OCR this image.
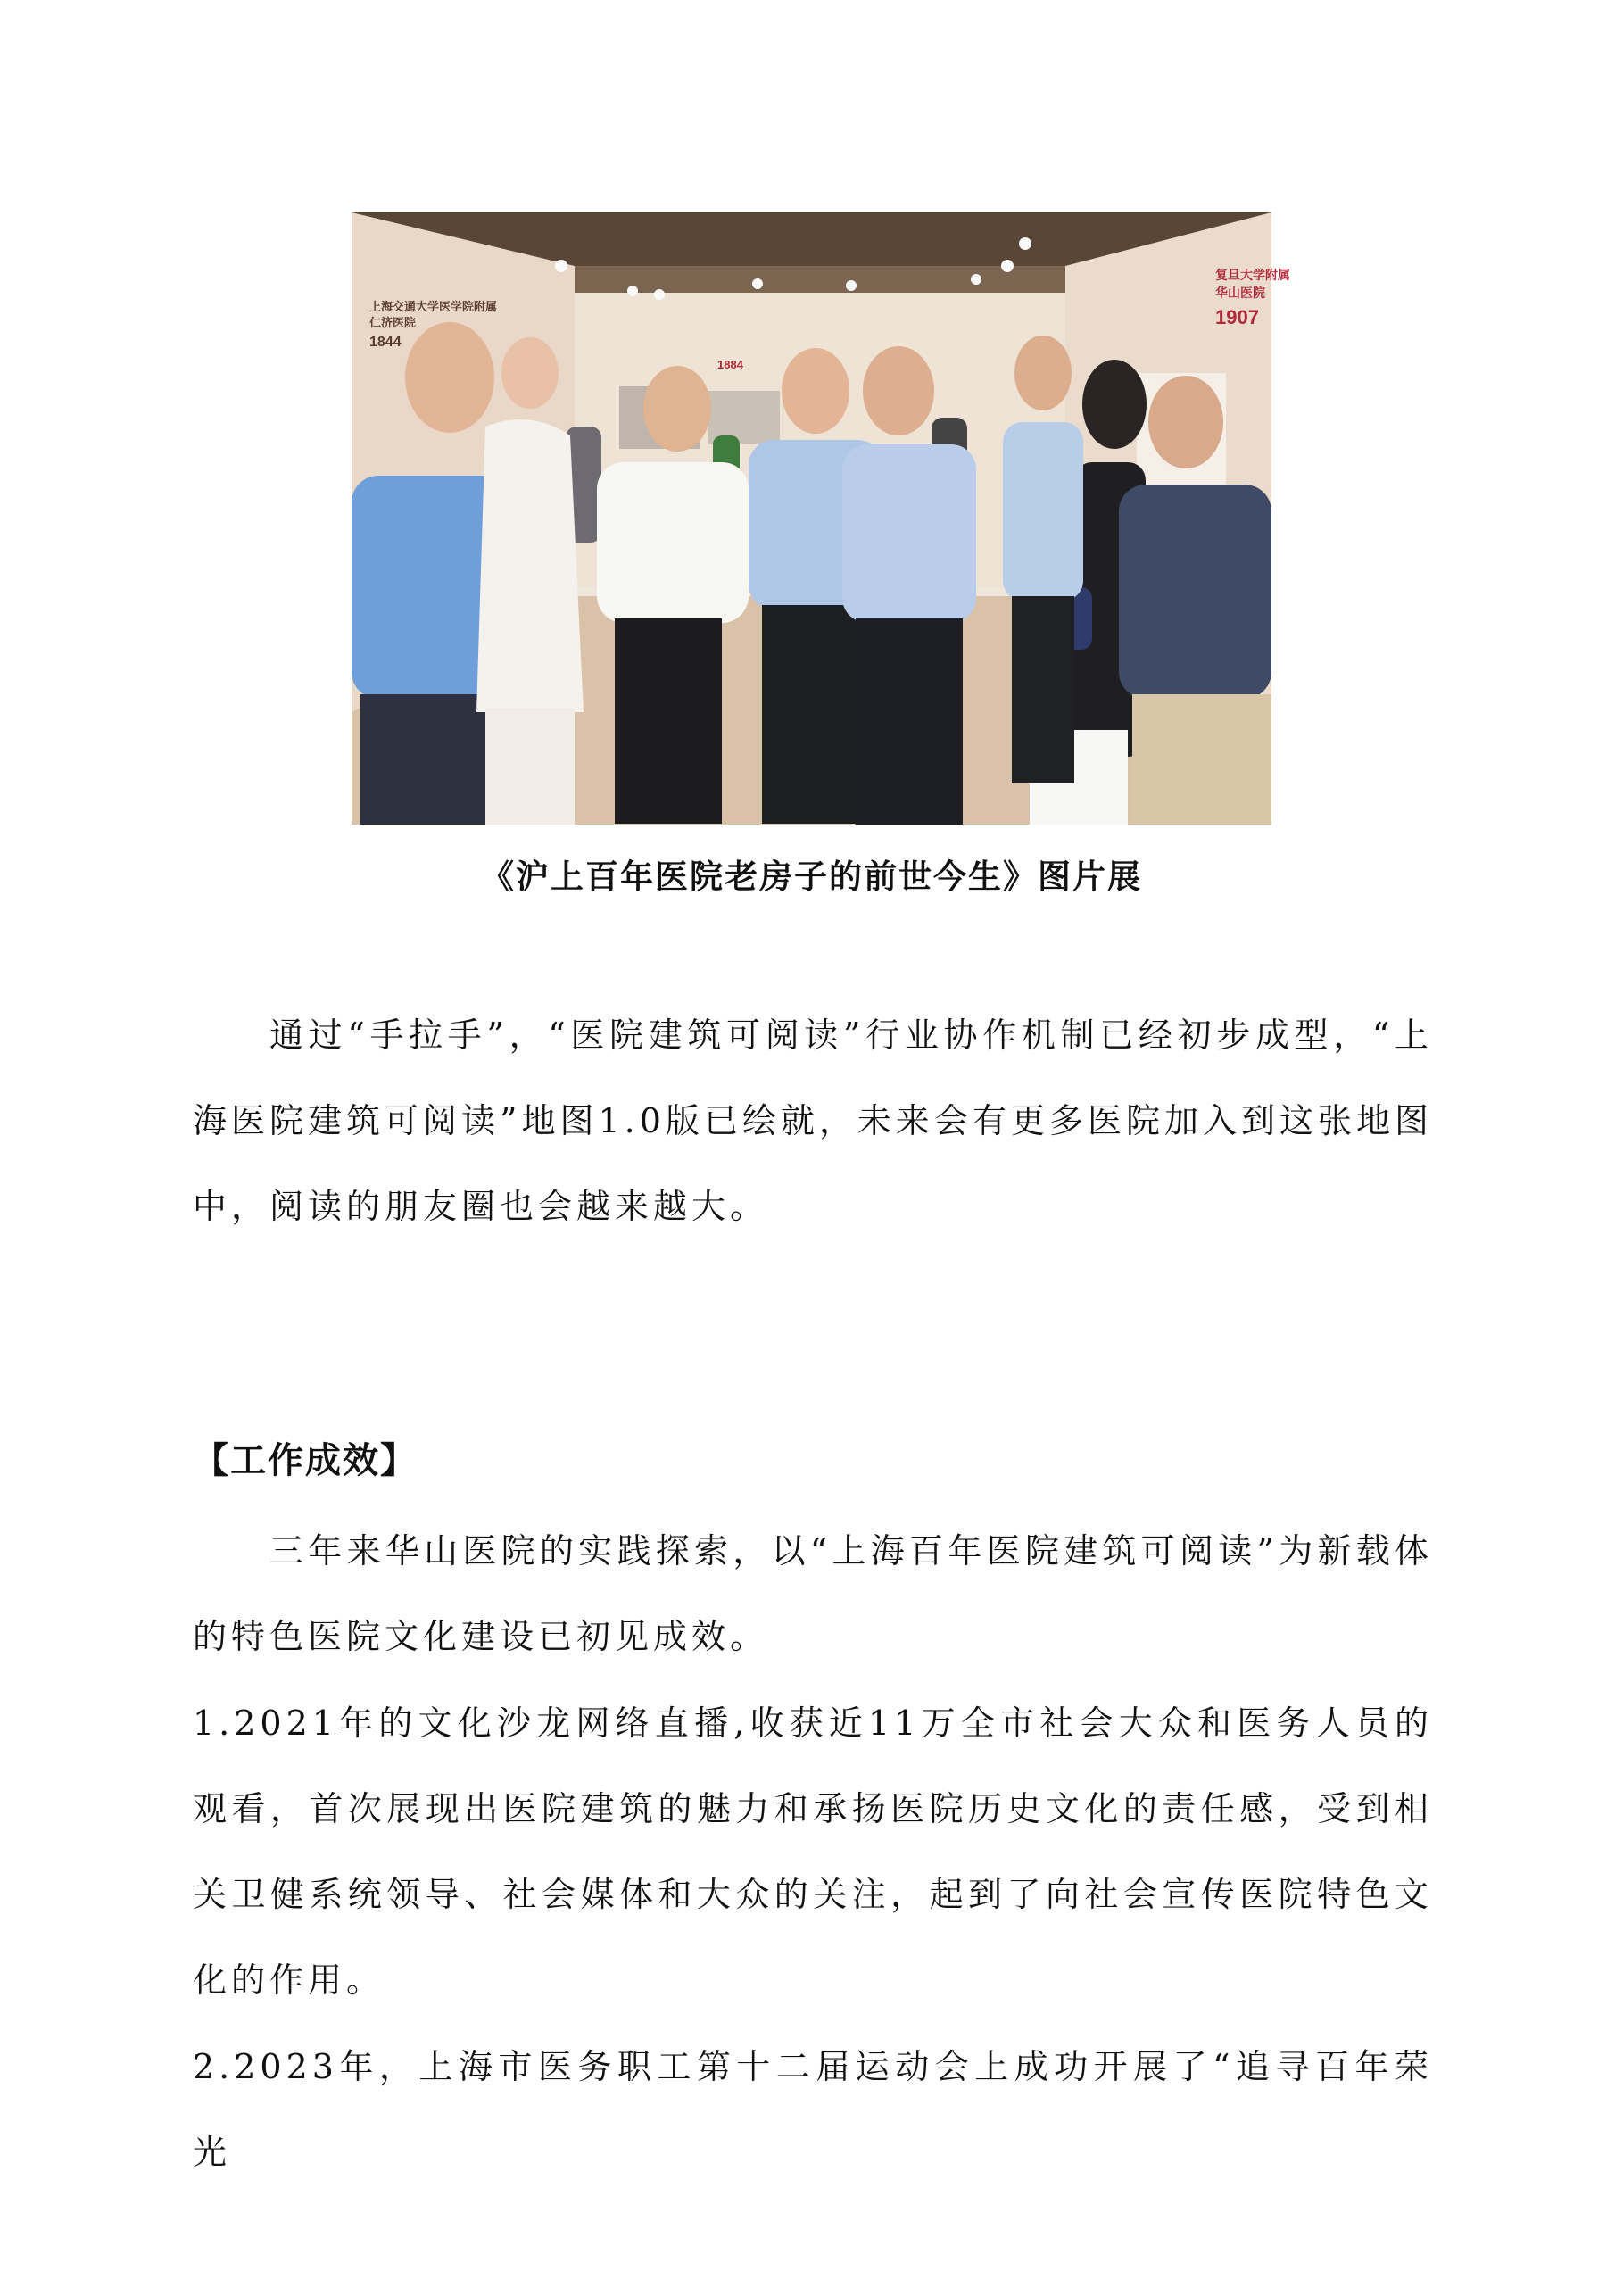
上海交通大学医学院附属
仁济医院
1844
1884
复旦大学附属
华山医院
1907
《沪上百年医院老房子的前世今生》图片展
通过“手拉手”，“医院建筑可阅读”行业协作机制已经初步成型，“上海医院建筑可阅读”地图1.0版已绘就，未来会有更多医院加入到这张地图中，阅读的朋友圈也会越来越大。
【工作成效】
三年来华山医院的实践探索，以“上海百年医院建筑可阅读”为新载体的特色医院文化建设已初见成效。
1.2021年的文化沙龙网络直播,收获近11万全市社会大众和医务人员的观看，首次展现出医院建筑的魅力和承扬医院历史文化的责任感，受到相关卫健系统领导、社会媒体和大众的关注，起到了向社会宣传医院特色文化的作用。
2.2023年，上海市医务职工第十二届运动会上成功开展了“追寻百年荣光
